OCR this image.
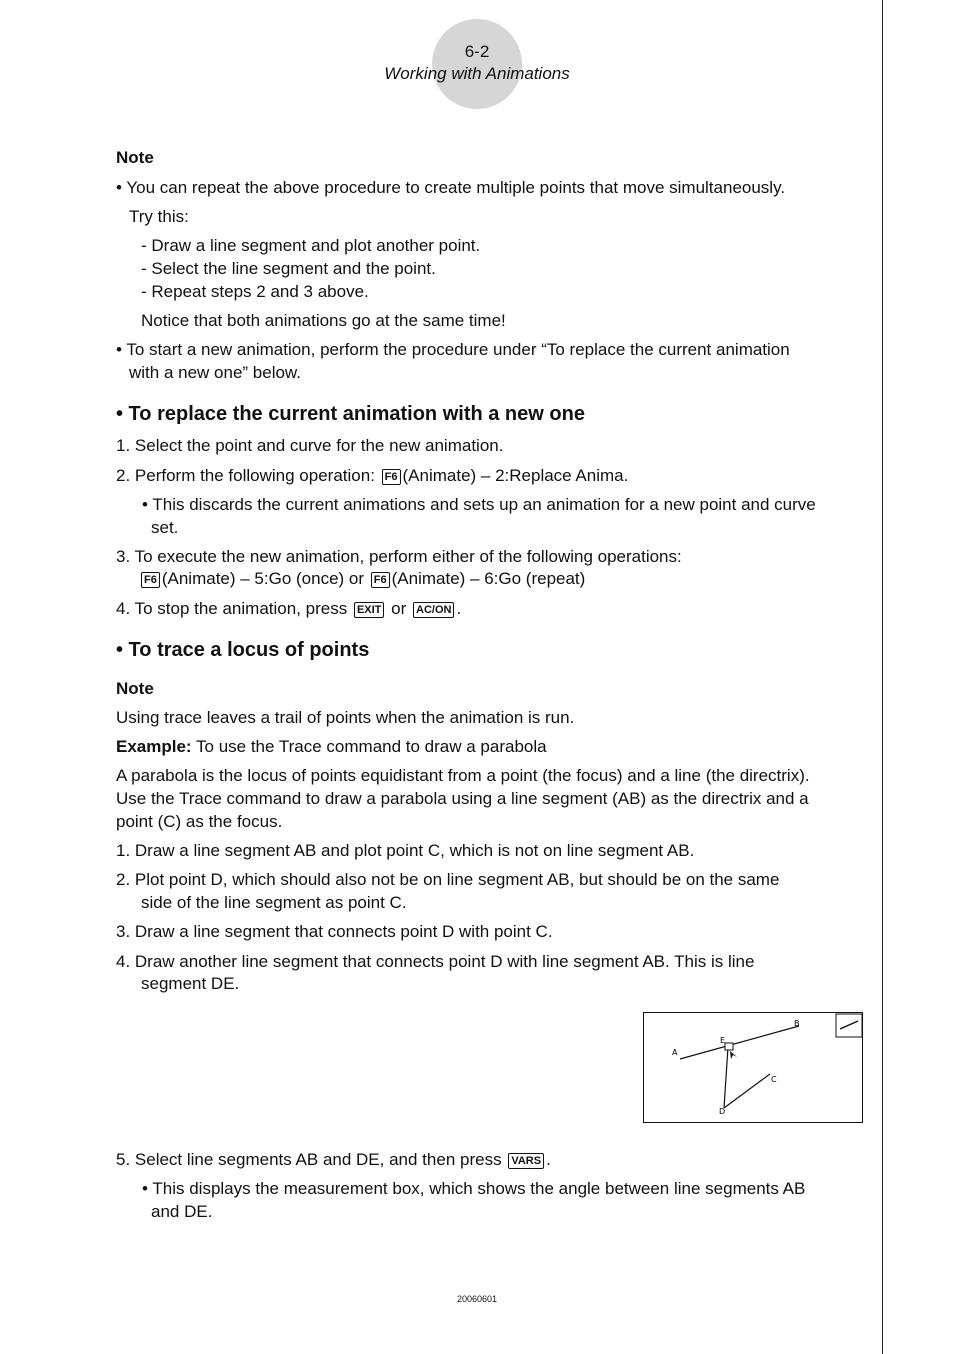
6-2
Working with Animations
Note
• You can repeat the above procedure to create multiple points that move simultaneously.
Try this:
- Draw a line segment and plot another point.
- Select the line segment and the point.
- Repeat steps 2 and 3 above.
Notice that both animations go at the same time!
• To start a new animation, perform the procedure under “To replace the current animation
with a new one” below.
• To replace the current animation with a new one
1. Select the point and curve for the new animation.
2. Perform the following operation: F6 (Animate) – 2:Replace Anima.
• This discards the current animations and sets up an animation for a new point and curve
set.
3. To execute the new animation, perform either of the following operations:
F6 (Animate) – 5:Go (once) or F6 (Animate) – 6:Go (repeat)
4. To stop the animation, press EXIT or AC/ON .
• To trace a locus of points
Note
Using trace leaves a trail of points when the animation is run.
Example: To use the Trace command to draw a parabola
A parabola is the locus of points equidistant from a point (the focus) and a line (the directrix).
Use the Trace command to draw a parabola using a line segment (AB) as the directrix and a
point (C) as the focus.
1. Draw a line segment AB and plot point C, which is not on line segment AB.
2. Plot point D, which should also not be on line segment AB, but should be on the same
side of the line segment as point C.
3. Draw a line segment that connects point D with point C.
4. Draw another line segment that connects point D with line segment AB. This is line
segment DE.
A
B
C
D
E
5. Select line segments AB and DE, and then press VARS .
• This displays the measurement box, which shows the angle between line segments AB
and DE.
20060601
